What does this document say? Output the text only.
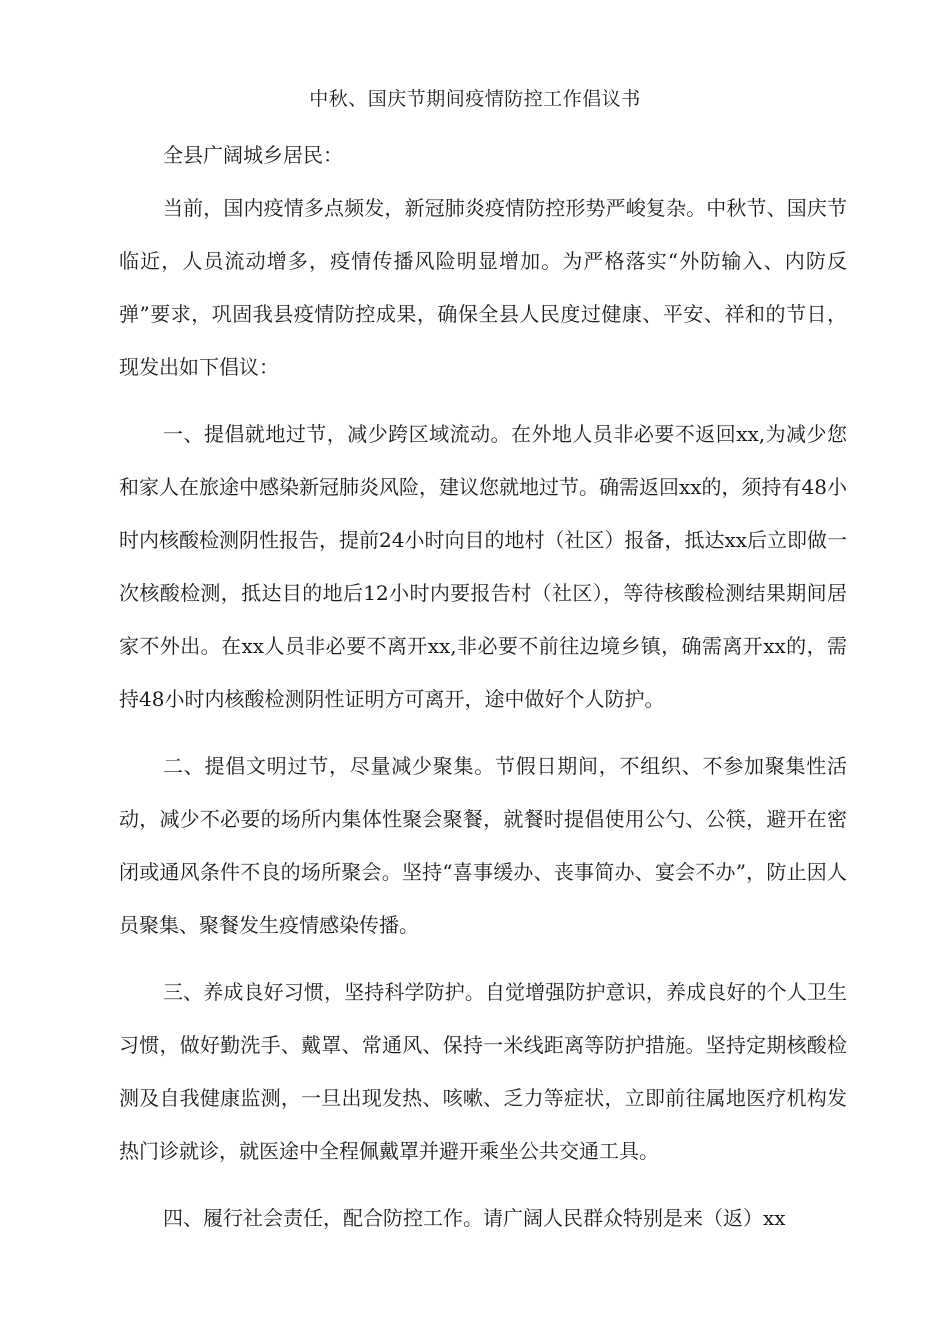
中秋、国庆节期间疫情防控工作倡议书

全县广阔城乡居民：

当前，国内疫情多点频发，新冠肺炎疫情防控形势严峻复杂。中秋节、国庆节临近，人员流动增多，疫情传播风险明显增加。为严格落实“外防输入、内防反弹”要求，巩固我县疫情防控成果，确保全县人民度过健康、平安、祥和的节日，现发出如下倡议：

一、提倡就地过节，减少跨区域流动。在外地人员非必要不返回xx,为减少您和家人在旅途中感染新冠肺炎风险，建议您就地过节。确需返回xx的，须持有48小时内核酸检测阴性报告，提前24小时向目的地村（社区）报备，抵达xx后立即做一次核酸检测，抵达目的地后12小时内要报告村（社区），等待核酸检测结果期间居家不外出。在xx人员非必要不离开xx,非必要不前往边境乡镇，确需离开xx的，需持48小时内核酸检测阴性证明方可离开，途中做好个人防护。

二、提倡文明过节，尽量减少聚集。节假日期间，不组织、不参加聚集性活动，减少不必要的场所内集体性聚会聚餐，就餐时提倡使用公勺、公筷，避开在密闭或通风条件不良的场所聚会。坚持“喜事缓办、丧事简办、宴会不办”，防止因人员聚集、聚餐发生疫情感染传播。

三、养成良好习惯，坚持科学防护。自觉增强防护意识，养成良好的个人卫生习惯，做好勤洗手、戴罩、常通风、保持一米线距离等防护措施。坚持定期核酸检测及自我健康监测，一旦出现发热、咳嗽、乏力等症状，立即前往属地医疗机构发热门诊就诊，就医途中全程佩戴罩并避开乘坐公共交通工具。

四、履行社会责任，配合防控工作。请广阔人民群众特别是来（返）xx
